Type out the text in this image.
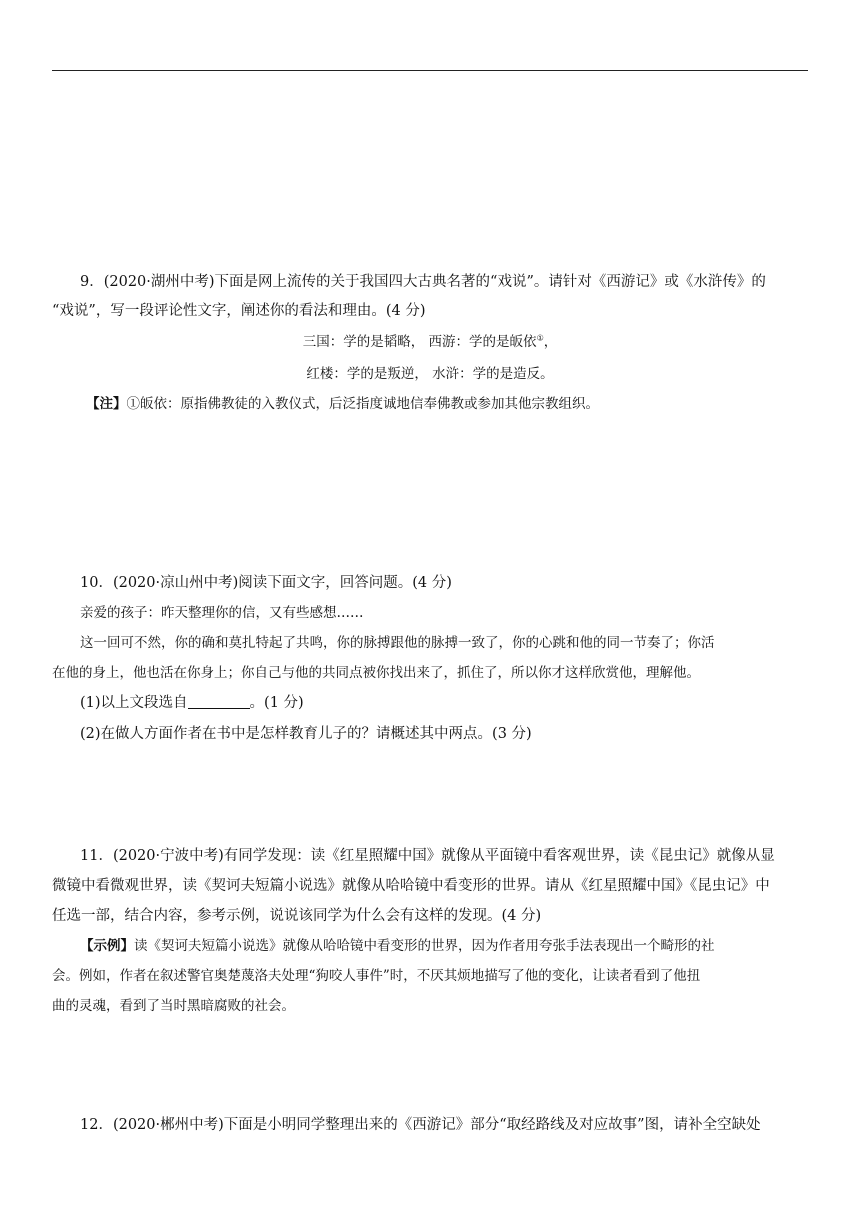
9．(2020·湖州中考)下面是网上流传的关于我国四大古典名著的“戏说”。请针对《西游记》或《水浒传》的
“戏说”，写一段评论性文字，阐述你的看法和理由。(4 分)
三国：学的是韬略， 西游：学的是皈依①，
红楼：学的是叛逆， 水浒：学的是造反。
【注】①皈依：原指佛教徒的入教仪式，后泛指度诚地信奉佛教或参加其他宗教组织。
10．(2020·凉山州中考)阅读下面文字，回答问题。(4 分)
亲爱的孩子：昨天整理你的信，又有些感想……
这一回可不然，你的确和莫扎特起了共鸣，你的脉搏跟他的脉搏一致了，你的心跳和他的同一节奏了；你活
在他的身上，他也活在你身上；你自己与他的共同点被你找出来了，抓住了，所以你才这样欣赏他，理解他。
(1)以上文段选自	。(1 分)
(2)在做人方面作者在书中是怎样教育儿子的？请概述其中两点。(3 分)
11．(2020·宁波中考)有同学发现：读《红星照耀中国》就像从平面镜中看客观世界，读《昆虫记》就像从显
微镜中看微观世界，读《契诃夫短篇小说选》就像从哈哈镜中看变形的世界。请从《红星照耀中国》《昆虫记》中
任选一部，结合内容，参考示例，说说该同学为什么会有这样的发现。(4 分)
【示例】读《契诃夫短篇小说选》就像从哈哈镜中看变形的世界，因为作者用夸张手法表现出一个畸形的社
会。例如，作者在叙述警官奥楚蔑洛夫处理“狗咬人事件”时，不厌其烦地描写了他的变化，让读者看到了他扭
曲的灵魂，看到了当时黑暗腐败的社会。
12．(2020·郴州中考)下面是小明同学整理出来的《西游记》部分“取经路线及对应故事”图，请补全空缺处
